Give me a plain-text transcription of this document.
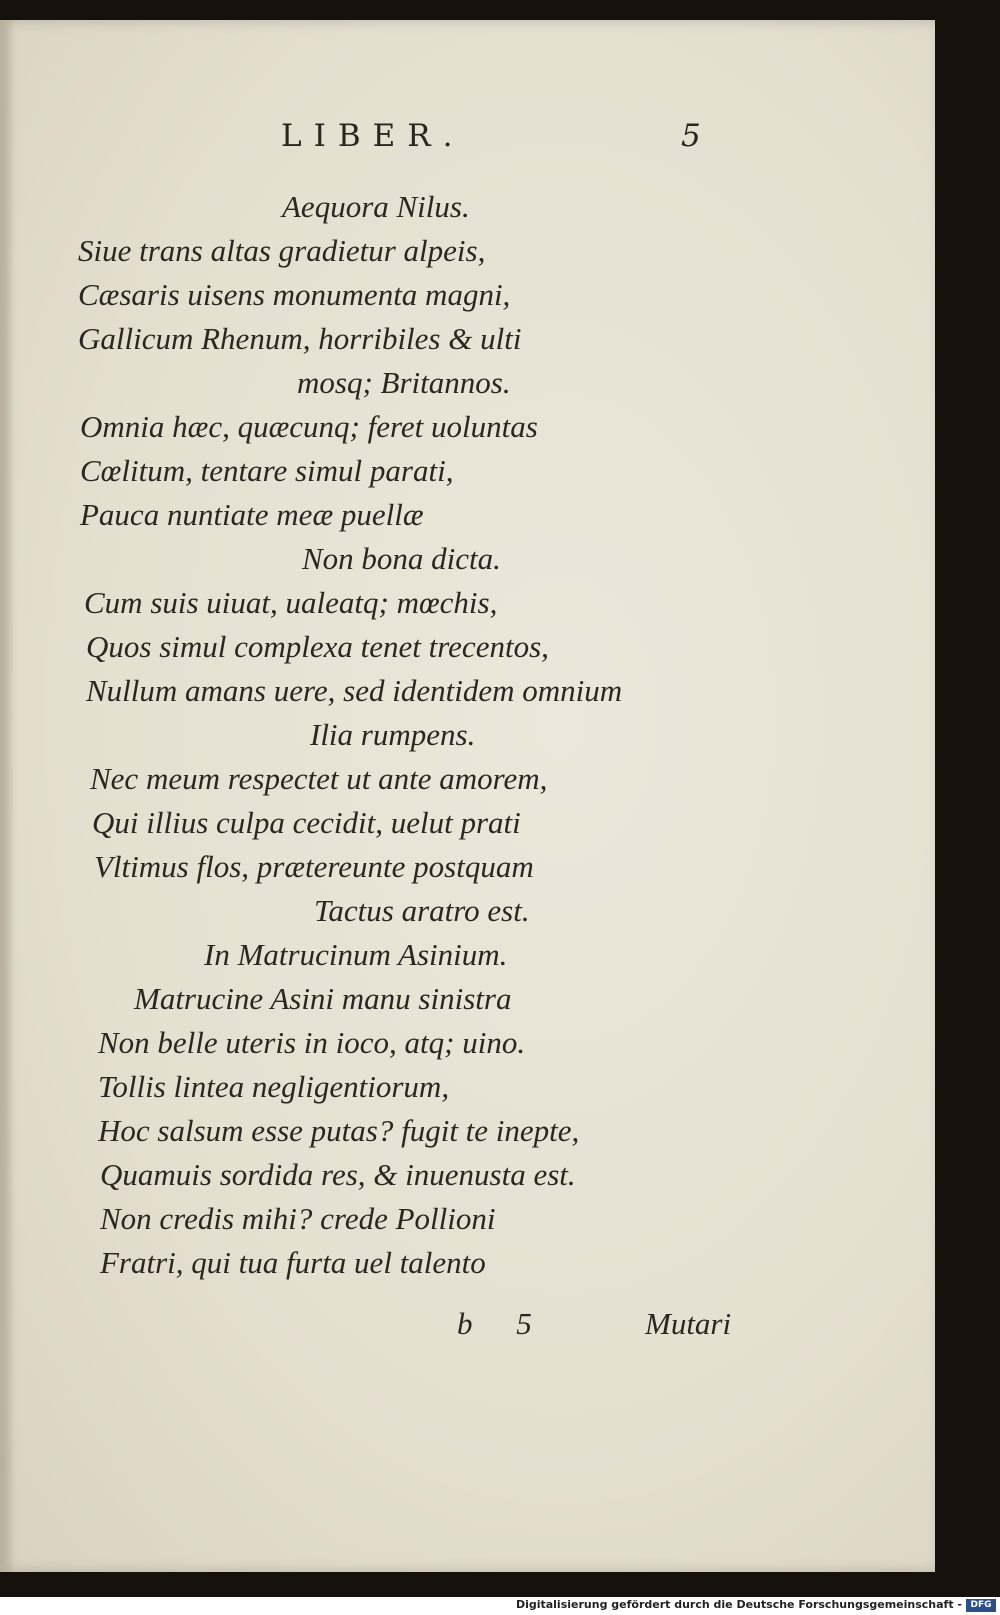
LIBER.	5
Aequora Nilus.
Siue trans altas gradietur alpeis,
Cæsaris uisens monumenta magni,
Gallicum Rhenum, horribiles & ulti
mosq; Britannos.
Omnia hæc, quæcunq; feret uoluntas
Cœlitum, tentare simul parati,
Pauca nuntiate meæ puellæ
Non bona dicta.
Cum suis uiuat, ualeatq; mœchis,
Quos simul complexa tenet trecentos,
Nullum amans uere, sed identidem omnium
Ilia rumpens.
Nec meum respectet ut ante amorem,
Qui illius culpa cecidit, uelut prati
Vltimus flos, prætereunte postquam
Tactus aratro est.
In Matrucinum Asinium.
Matrucine Asini manu sinistra
Non belle uteris in ioco, atq; uino.
Tollis lintea negligentiorum,
Hoc salsum esse putas? fugit te inepte,
Quamuis sordida res, & inuenusta est.
Non credis mihi? crede Pollioni
Fratri, qui tua furta uel talento
b 5	Mutari
Digitalisierung gefördert durch die Deutsche Forschungsgemeinschaft - DFG
